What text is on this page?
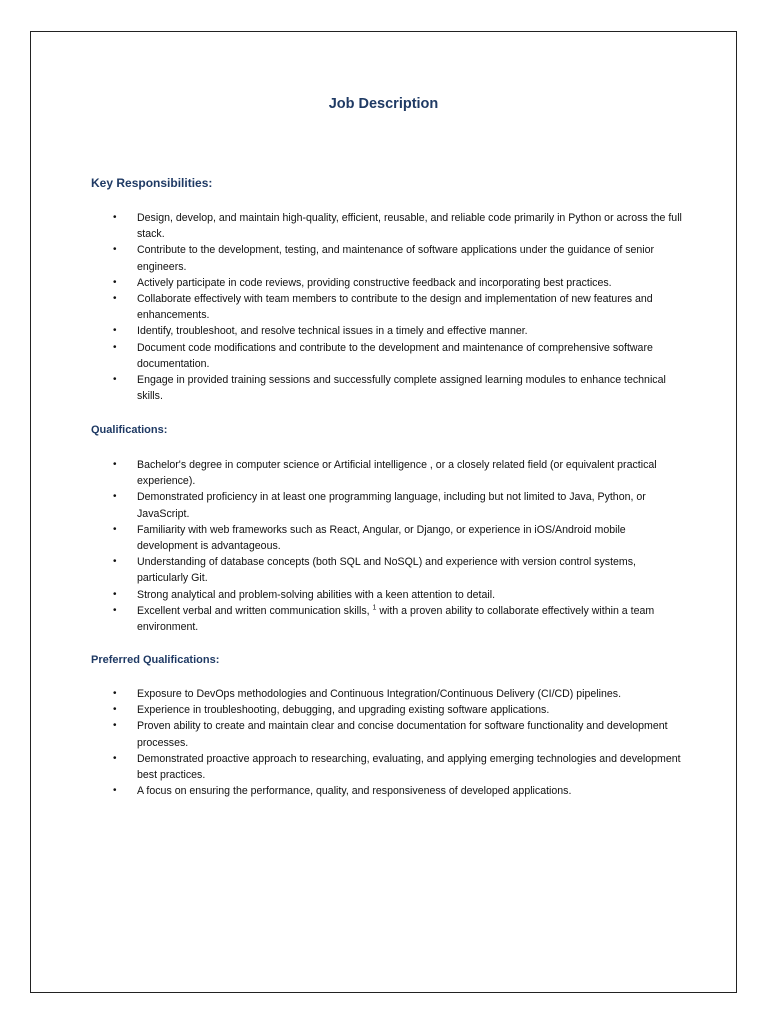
Job Description
Key Responsibilities:
• Design, develop, and maintain high-quality, efficient, reusable, and reliable code primarily in Python or across the full stack.
• Contribute to the development, testing, and maintenance of software applications under the guidance of senior engineers.
• Actively participate in code reviews, providing constructive feedback and incorporating best practices.
• Collaborate effectively with team members to contribute to the design and implementation of new features and enhancements.
• Identify, troubleshoot, and resolve technical issues in a timely and effective manner.
• Document code modifications and contribute to the development and maintenance of comprehensive software documentation.
• Engage in provided training sessions and successfully complete assigned learning modules to enhance technical skills.
Qualifications:
• Bachelor's degree in computer science or Artificial intelligence , or a closely related field (or equivalent practical experience).
• Demonstrated proficiency in at least one programming language, including but not limited to Java, Python, or JavaScript.
• Familiarity with web frameworks such as React, Angular, or Django, or experience in iOS/Android mobile development is advantageous.
• Understanding of database concepts (both SQL and NoSQL) and experience with version control systems, particularly Git.
• Strong analytical and problem-solving abilities with a keen attention to detail.
• Excellent verbal and written communication skills, $^1$ with a proven ability to collaborate effectively within a team environment.
Preferred Qualifications:
• Exposure to DevOps methodologies and Continuous Integration/Continuous Delivery (CI/CD) pipelines.
• Experience in troubleshooting, debugging, and upgrading existing software applications.
• Proven ability to create and maintain clear and concise documentation for software functionality and development processes.
• Demonstrated proactive approach to researching, evaluating, and applying emerging technologies and development best practices.
• A focus on ensuring the performance, quality, and responsiveness of developed applications.
